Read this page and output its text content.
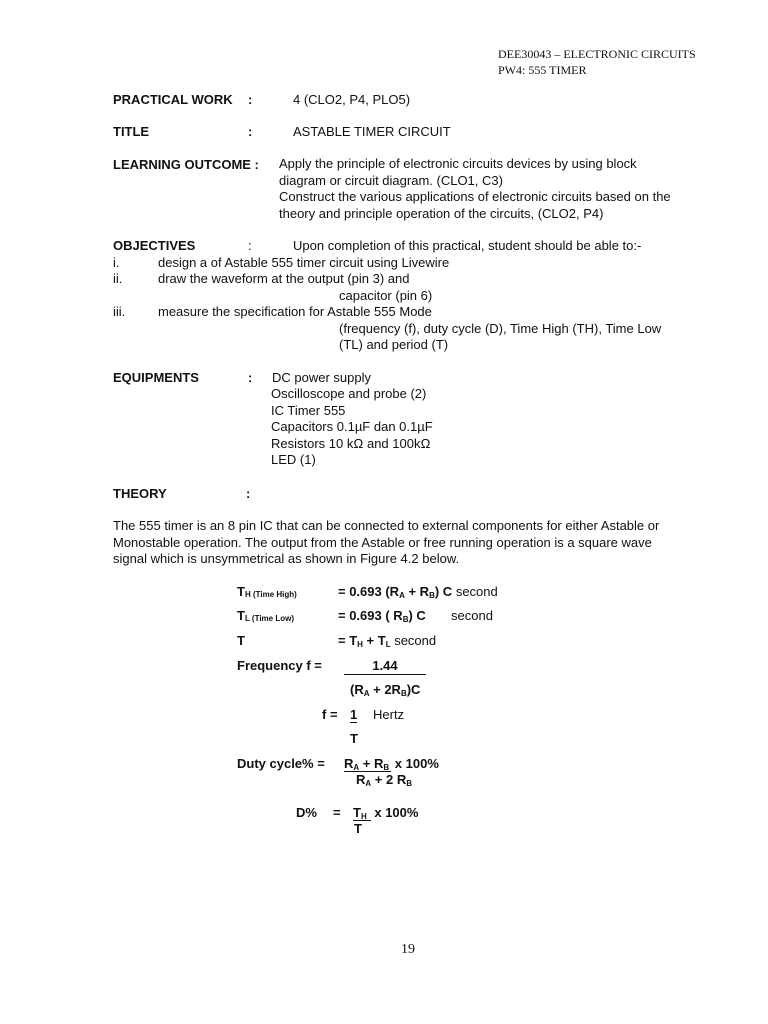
DEE30043 – ELECTRONIC CIRCUITS
PW4: 555 TIMER
PRACTICAL WORK :	4 (CLO2, P4, PLO5)
TITLE	:	ASTABLE TIMER CIRCUIT
LEARNING OUTCOME : Apply the principle of electronic circuits devices by using block
diagram or circuit diagram. (CLO1, C3)
Construct the various applications of electronic circuits based on the
theory and principle operation of the circuits, (CLO2, P4)
OBJECTIVES	:	Upon completion of this practical, student should be able to:-
i.	design a of Astable 555 timer circuit using Livewire
ii.	draw the waveform at the output (pin 3) and
capacitor (pin 6)
iii.	measure the specification for Astable 555 Mode
(frequency (f), duty cycle (D), Time High (TH), Time Low
(TL) and period (T)
EQUIPMENTS	: DC power supply
Oscilloscope and probe (2)
IC Timer 555
Capacitors 0.1µF dan 0.1µF
Resistors 10 kΩ and 100kΩ
LED (1)
THEORY	:
The 555 timer is an 8 pin IC that can be connected to external components for either Astable or
Monostable operation. The output from the Astable or free running operation is a square wave
signal which is unsymmetrical as shown in Figure 4.2 below.
$T_{H (Time High)}$	= 0.693 $(R_A + R_B)$ C second
$T_{L (Time Low)}$	= 0.693 ( $R_B$) C second
T	= $T_H + T_L$ second
Frequency f =	1.44
$(R_A + 2R_B)C$
f = 1 Hertz
T
Duty cycle% = $R_A + R_B$ x 100%
$R_A + 2$ $R_B$
$D\% = T_H$ x 100%
T
19
